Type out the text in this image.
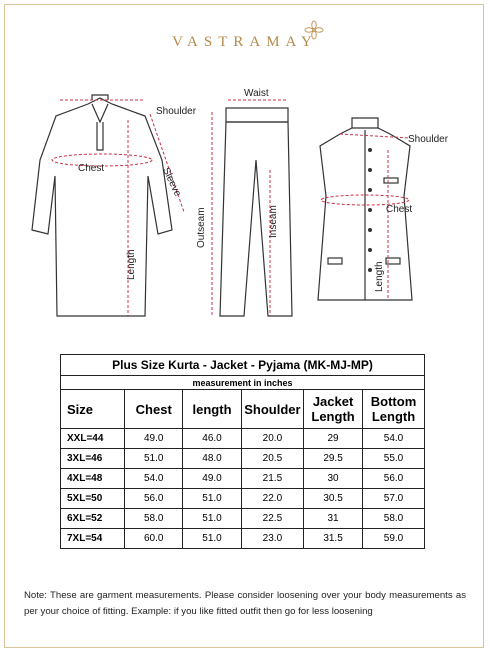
VASTRAMAY
Shoulder
Chest	Sleeve
Length
Waist
Outseam	Inseam
Shoulder
Chest
Length
Plus Size Kurta - Jacket - Pyjama (MK-MJ-MP)					
measurement in inches					
Size	Chest	length	Shoulder	Jacket Length	Bottom Length
XXL=44	49.0	46.0	20.0	29	54.0
3XL=46	51.0	48.0	20.5	29.5	55.0
4XL=48	54.0	49.0	21.5	30	56.0
5XL=50	56.0	51.0	22.0	30.5	57.0
6XL=52	58.0	51.0	22.5	31	58.0
7XL=54	60.0	51.0	23.0	31.5	59.0
Note: These are garment measurements. Please consider loosening over your body measurements as per your choice of fitting. Example: if you like fitted outfit then go for less loosening
